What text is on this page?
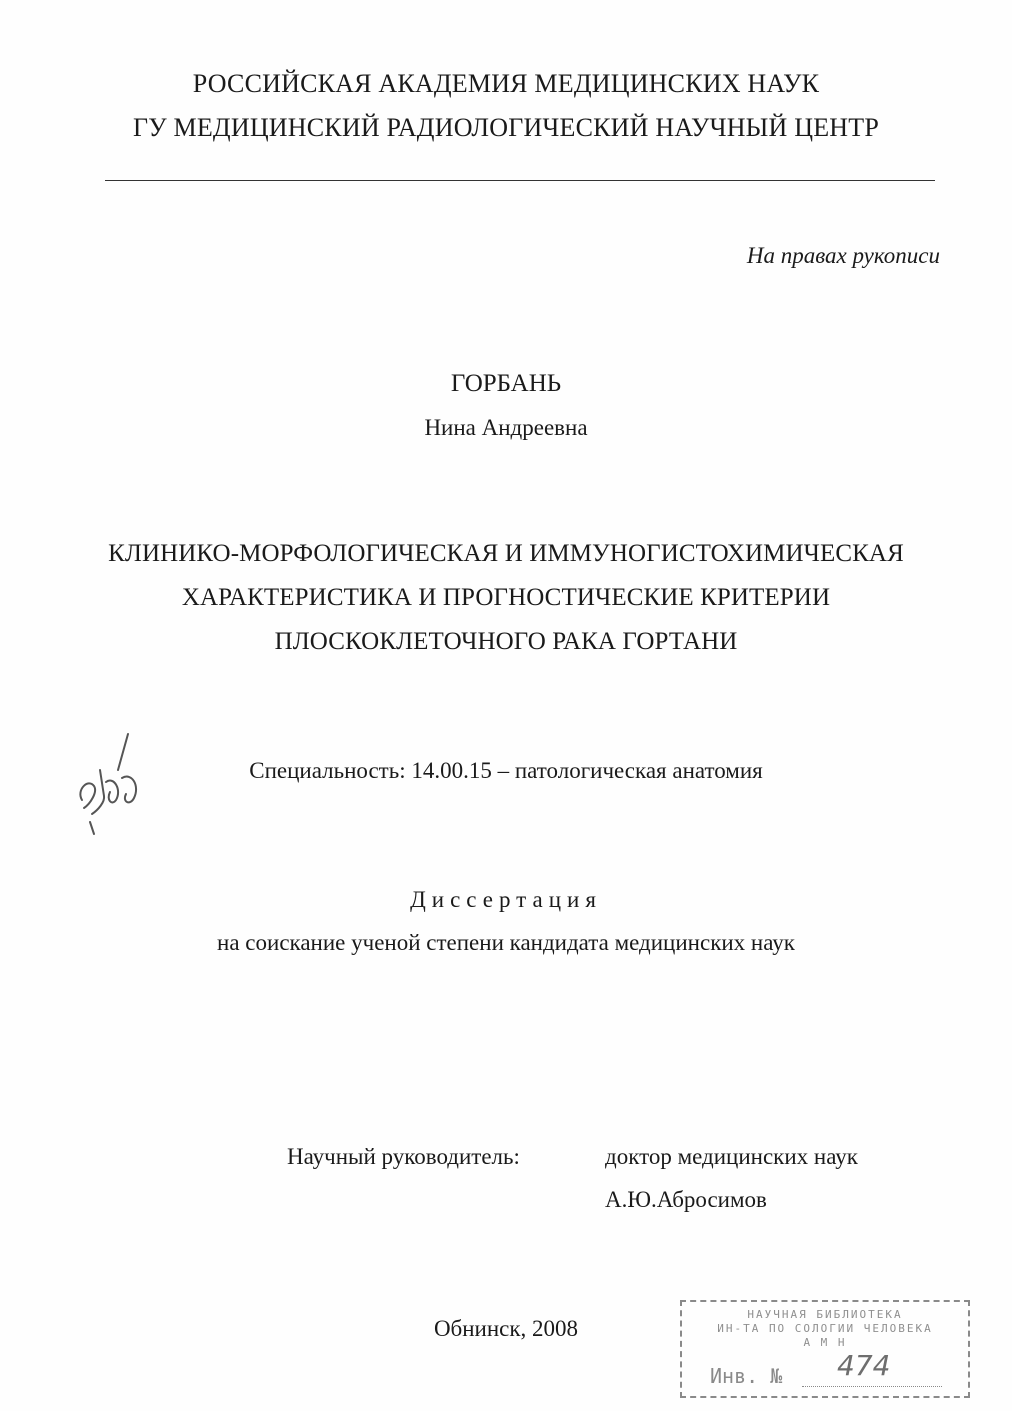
РОССИЙСКАЯ АКАДЕМИЯ МЕДИЦИНСКИХ НАУК
ГУ МЕДИЦИНСКИЙ РАДИОЛОГИЧЕСКИЙ НАУЧНЫЙ ЦЕНТР
На правах рукописи
ГОРБАНЬ
Нина Андреевна
КЛИНИКО-МОРФОЛОГИЧЕСКАЯ И ИММУНОГИСТОХИМИЧЕСКАЯ
ХАРАКТЕРИСТИКА И ПРОГНОСТИЧЕСКИЕ КРИТЕРИИ
ПЛОСКОКЛЕТОЧНОГО РАКА ГОРТАНИ
Специальность: 14.00.15 – патологическая анатомия
Диссертация
на соискание ученой степени кандидата медицинских наук
Научный руководитель:	доктор медицинских наук
А.Ю.Абросимов
Обнинск, 2008
НАУЧНАЯ БИБЛИОТЕКА
ИН-ТА ПО СОЛОГИИ ЧЕЛОВЕКА
А М Н
Инв. № 474
